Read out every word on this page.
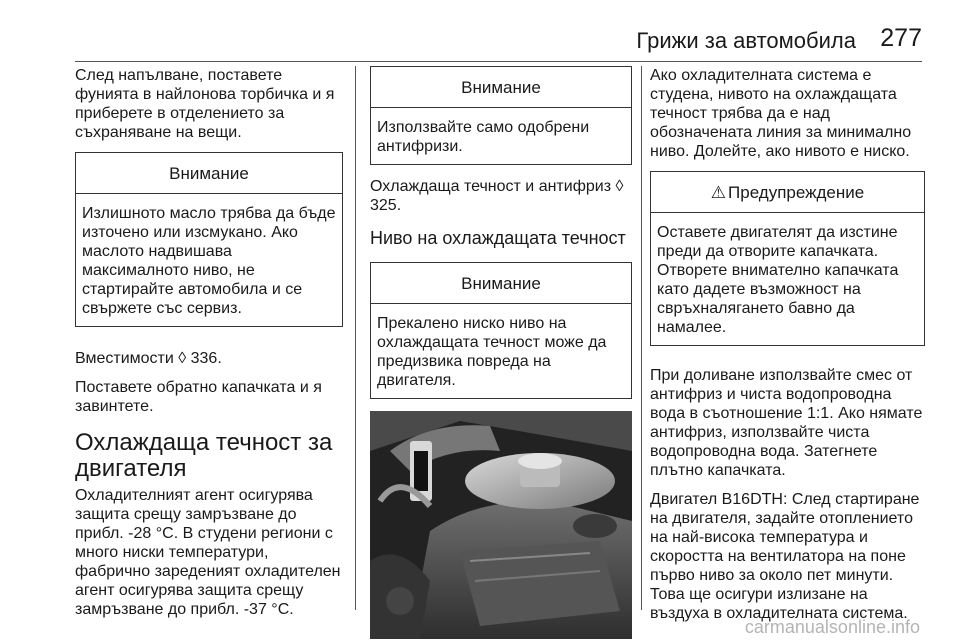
Грижи за автомобила 277

След напълване, поставете фунията в найлонова торбичка и я приберете в отделението за съхраняване на вещи.

Внимание
Излишното масло трябва да бъде източено или изсмукано. Ако маслото надвишава максималното ниво, не стартирайте автомобила и се свържете със сервиз.

Вместимости ◊ 336.

Поставете обратно капачката и я завинтете.

Охлаждаща течност за двигателя

Охладителният агент осигурява защита срещу замръзване до прибл. -28 °C. В студени региони с много ниски температури, фабрично зареденият охладителен агент осигурява защита срещу замръзване до прибл. -37 °C.

Внимание
Използвайте само одобрени антифризи.

Охлаждаща течност и антифриз ◊ 325.

Ниво на охлаждащата течност
Внимание
Прекалено ниско ниво на охлаждащата течност може да предизвика повреда на двигателя.

Ако охладителната система е студена, нивото на охлаждащата течност трябва да е над обозначената линия за минимално ниво. Долейте, ако нивото е ниско.

⚠ Предупреждение
Оставете двигателят да изстине преди да отворите капачката. Отворете внимателно капачката като дадете възможност на свръхналягането бавно да намалее.

При доливане използвайте смес от антифриз и чиста водопроводна вода в съотношение 1:1. Ако нямате антифриз, използвайте чиста водопроводна вода. Затегнете плътно капачката.

Двигател B16DTH: След стартиране на двигателя, задайте отоплението на най-висока температура и скоростта на вентилатора на поне първо ниво за около пет минути. Това ще осигури излизане на въздуха в охладителната система.

carmanualsonline.info
